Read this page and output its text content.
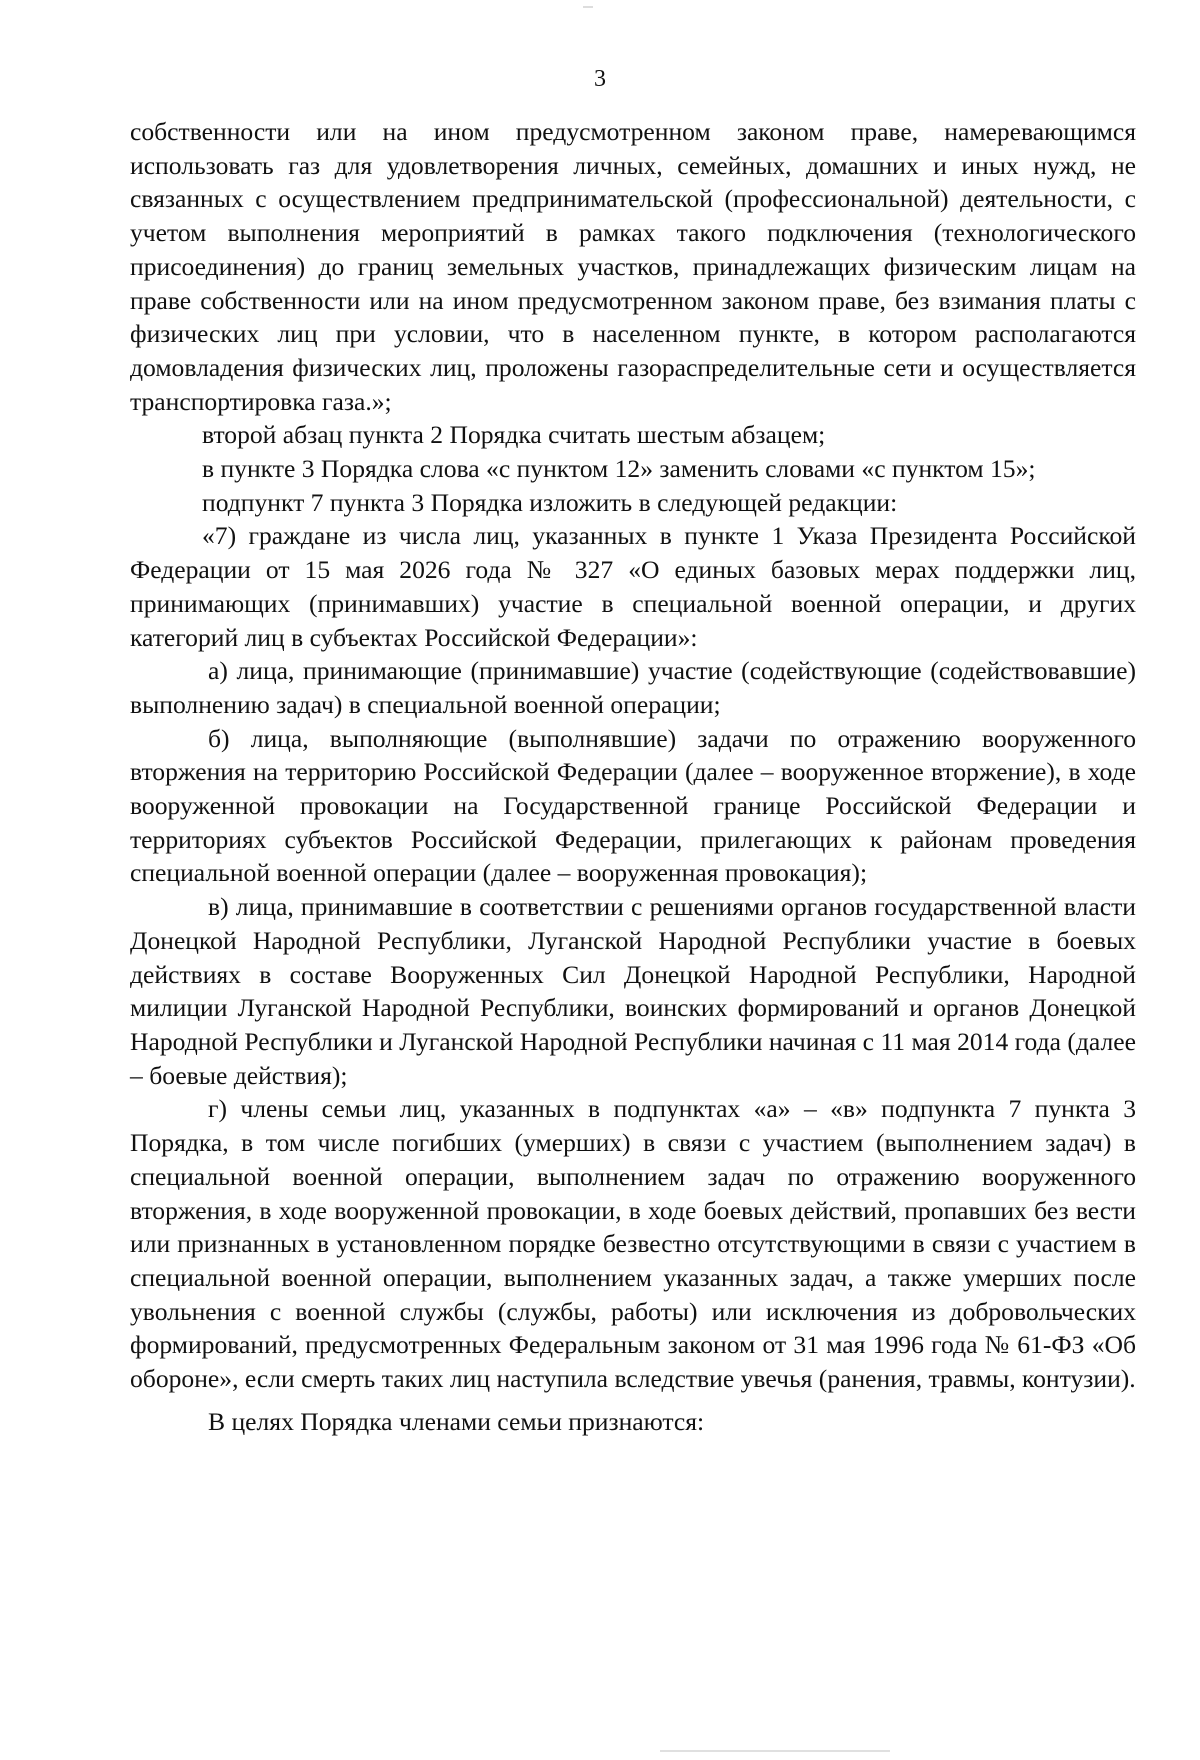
3

собственности или на ином предусмотренном законом праве, намеревающимся использовать газ для удовлетворения личных, семейных, домашних и иных нужд, не связанных с осуществлением предпринимательской (профессиональной) деятельности, с учетом выполнения мероприятий в рамках такого подключения (технологического присоединения) до границ земельных участков, принадлежащих физическим лицам на праве собственности или на ином предусмотренном законом праве, без взимания платы с физических лиц при условии, что в населенном пункте, в котором располагаются домовладения физических лиц, проложены газораспределительные сети и осуществляется транспортировка газа.»;

второй абзац пункта 2 Порядка считать шестым абзацем;

в пункте 3 Порядка слова «с пунктом 12» заменить словами «с пунктом 15»;

подпункт 7 пункта 3 Порядка изложить в следующей редакции:

«7) граждане из числа лиц, указанных в пункте 1 Указа Президента Российской Федерации от 15 мая 2026 года № 327 «О единых базовых мерах поддержки лиц, принимающих (принимавших) участие в специальной военной операции, и других категорий лиц в субъектах Российской Федерации»:

а) лица, принимающие (принимавшие) участие (содействующие (содействовавшие) выполнению задач) в специальной военной операции;

б) лица, выполняющие (выполнявшие) задачи по отражению вооруженного вторжения на территорию Российской Федерации (далее – вооруженное вторжение), в ходе вооруженной провокации на Государственной границе Российской Федерации и территориях субъектов Российской Федерации, прилегающих к районам проведения специальной военной операции (далее – вооруженная провокация);

в) лица, принимавшие в соответствии с решениями органов государственной власти Донецкой Народной Республики, Луганской Народной Республики участие в боевых действиях в составе Вооруженных Сил Донецкой Народной Республики, Народной милиции Луганской Народной Республики, воинских формирований и органов Донецкой Народной Республики и Луганской Народной Республики начиная с 11 мая 2014 года (далее – боевые действия);

г) члены семьи лиц, указанных в подпунктах «а» – «в» подпункта 7 пункта 3 Порядка, в том числе погибших (умерших) в связи с участием (выполнением задач) в специальной военной операции, выполнением задач по отражению вооруженного вторжения, в ходе вооруженной провокации, в ходе боевых действий, пропавших без вести или признанных в установленном порядке безвестно отсутствующими в связи с участием в специальной военной операции, выполнением указанных задач, а также умерших после увольнения с военной службы (службы, работы) или исключения из добровольческих формирований, предусмотренных Федеральным законом от 31 мая 1996 года № 61-ФЗ «Об обороне», если смерть таких лиц наступила вследствие увечья (ранения, травмы, контузии).

В целях Порядка членами семьи признаются:
